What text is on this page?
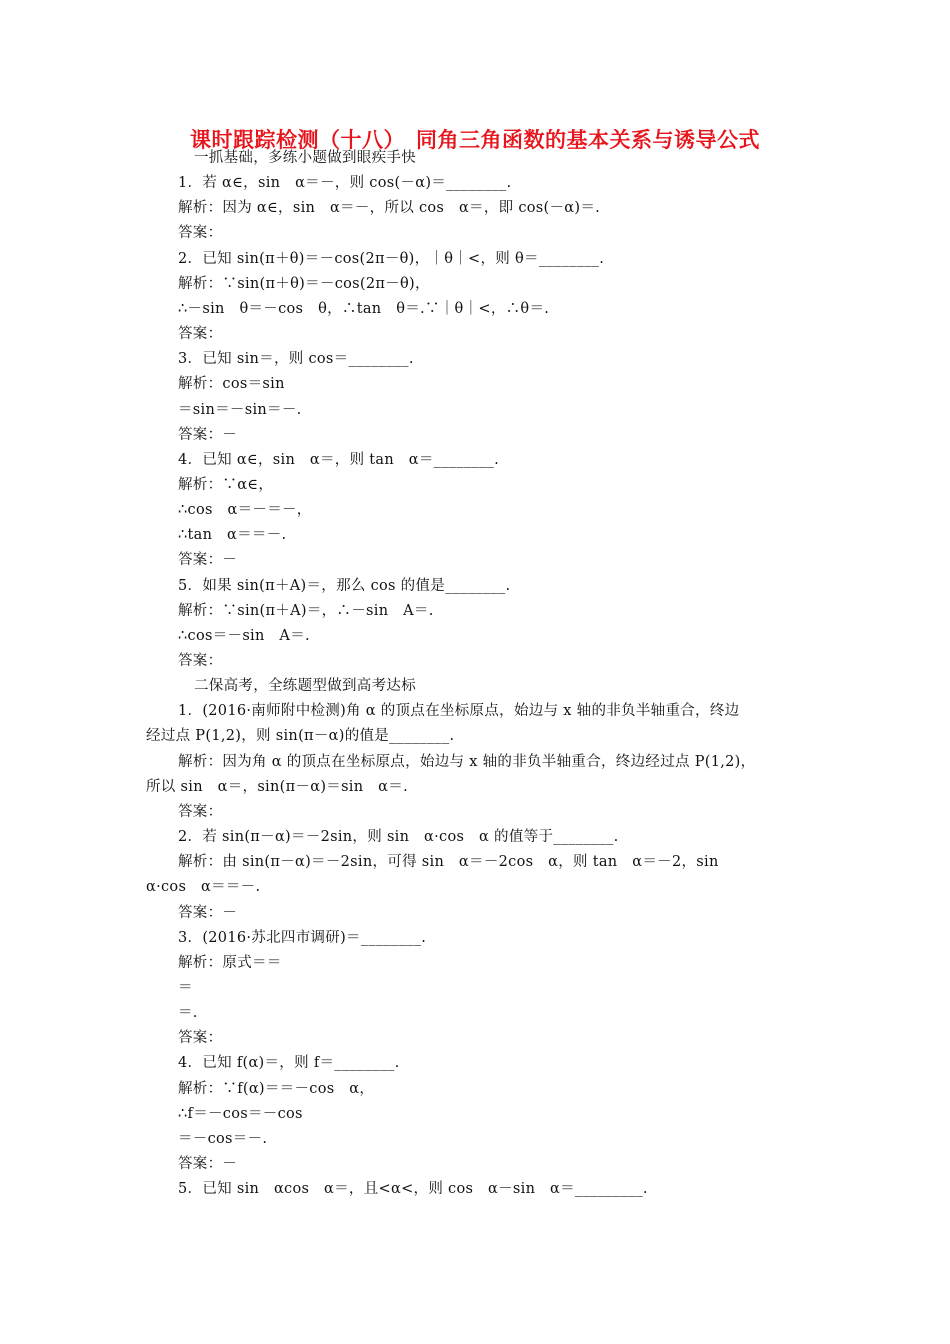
课时跟踪检测（十八）　同角三角函数的基本关系与诱导公式
一抓基础，多练小题做到眼疾手快
1．若 α∈，sin　α＝－，则 cos(－α)＝________.
解析：因为 α∈，sin　α＝－，所以 cos　α＝，即 cos(－α)＝.
答案：
2．已知 sin(π＋θ)＝－cos(2π－θ)，｜θ｜<，则 θ＝________.
解析：∵sin(π＋θ)＝－cos(2π－θ)，
∴－sin　θ＝－cos　θ，∴tan　θ＝.∵｜θ｜<，∴θ＝.
答案：
3．已知 sin＝，则 cos＝________.
解析：cos＝sin
＝sin＝－sin＝－.
答案：－
4．已知 α∈，sin　α＝，则 tan　α＝________.
解析：∵α∈，
∴cos　α＝－＝－，
∴tan　α＝＝－.
答案：－
5．如果 sin(π＋A)＝，那么 cos 的值是________.
解析：∵sin(π＋A)＝，∴－sin　A＝.
∴cos＝－sin　A＝.
答案：
二保高考，全练题型做到高考达标
1．(2016·南师附中检测)角 α 的顶点在坐标原点，始边与 x 轴的非负半轴重合，终边
经过点 P(1,2)，则 sin(π－α)的值是________.
解析：因为角 α 的顶点在坐标原点，始边与 x 轴的非负半轴重合，终边经过点 P(1,2)，
所以 sin　α＝，sin(π－α)＝sin　α＝.
答案：
2．若 sin(π－α)＝－2sin，则 sin　α·cos　α 的值等于________.
解析：由 sin(π－α)＝－2sin，可得 sin　α＝－2cos　α，则 tan　α＝－2，sin
α·cos　α＝＝－.
答案：－
3．(2016·苏北四市调研)＝________.
解析：原式＝＝
＝
＝.
答案：
4．已知 f(α)＝，则 f＝________.
解析：∵f(α)＝＝－cos　α，
∴f＝－cos＝－cos
＝－cos＝－.
答案：－
5．已知 sin　αcos　α＝，且<α<，则 cos　α－sin　α＝_________.
